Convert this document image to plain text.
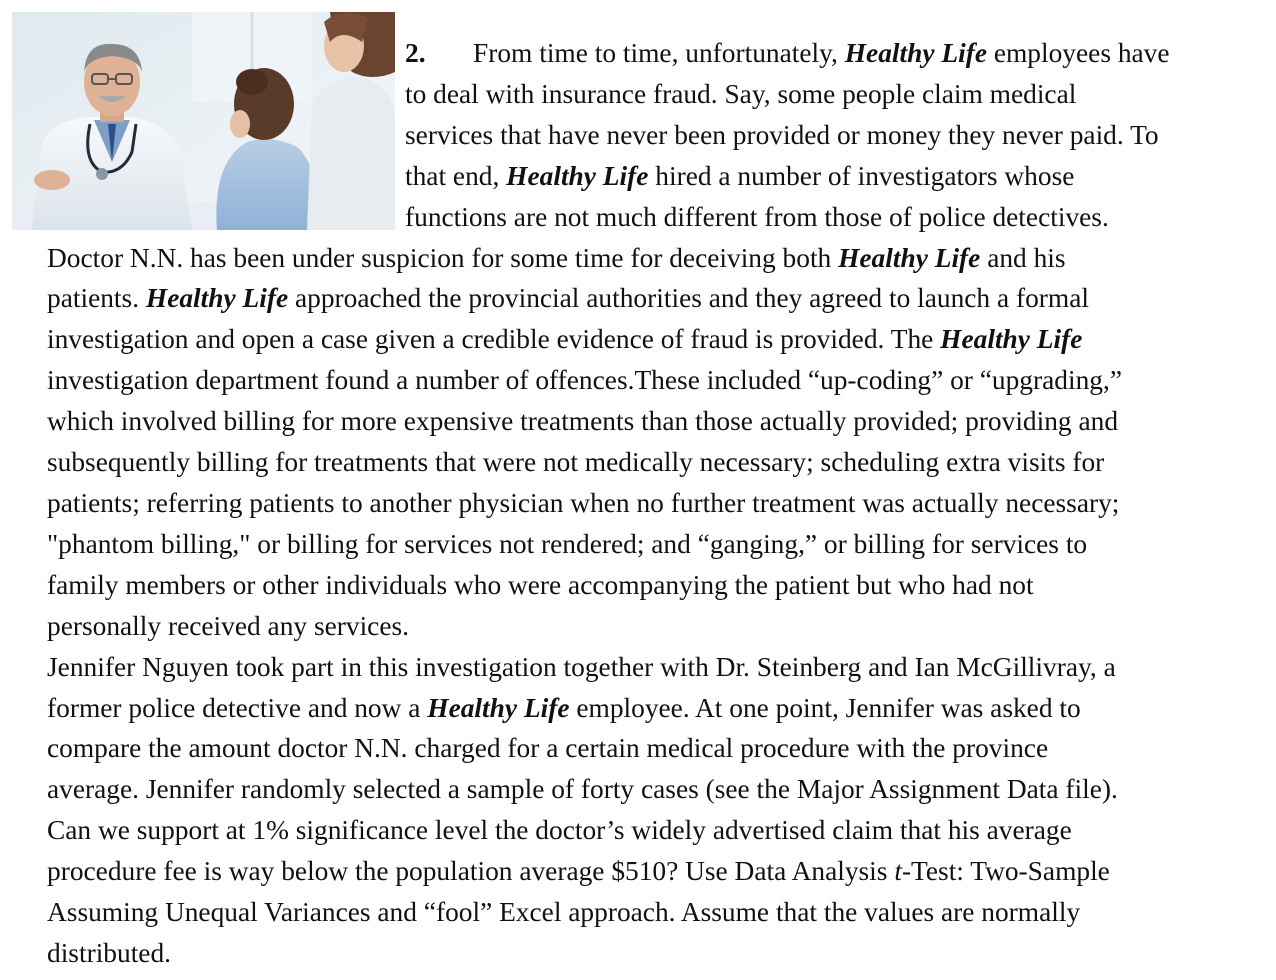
2. From time to time, unfortunately, Healthy Life employees have
to deal with insurance fraud. Say, some people claim medical
services that have never been provided or money they never paid. To
that end, Healthy Life hired a number of investigators whose
functions are not much different from those of police detectives.
Doctor N.N. has been under suspicion for some time for deceiving both Healthy Life and his
patients. Healthy Life approached the provincial authorities and they agreed to launch a formal
investigation and open a case given a credible evidence of fraud is provided. The Healthy Life
investigation department found a number of offences.These included “up-coding” or “upgrading,”
which involved billing for more expensive treatments than those actually provided; providing and
subsequently billing for treatments that were not medically necessary; scheduling extra visits for
patients; referring patients to another physician when no further treatment was actually necessary;
"phantom billing," or billing for services not rendered; and “ganging,” or billing for services to
family members or other individuals who were accompanying the patient but who had not
personally received any services.
Jennifer Nguyen took part in this investigation together with Dr. Steinberg and Ian McGillivray, a
former police detective and now a Healthy Life employee. At one point, Jennifer was asked to
compare the amount doctor N.N. charged for a certain medical procedure with the province
average. Jennifer randomly selected a sample of forty cases (see the Major Assignment Data file).
Can we support at 1% significance level the doctor’s widely advertised claim that his average
procedure fee is way below the population average $510? Use Data Analysis t-Test: Two-Sample
Assuming Unequal Variances and “fool” Excel approach. Assume that the values are normally
distributed.
